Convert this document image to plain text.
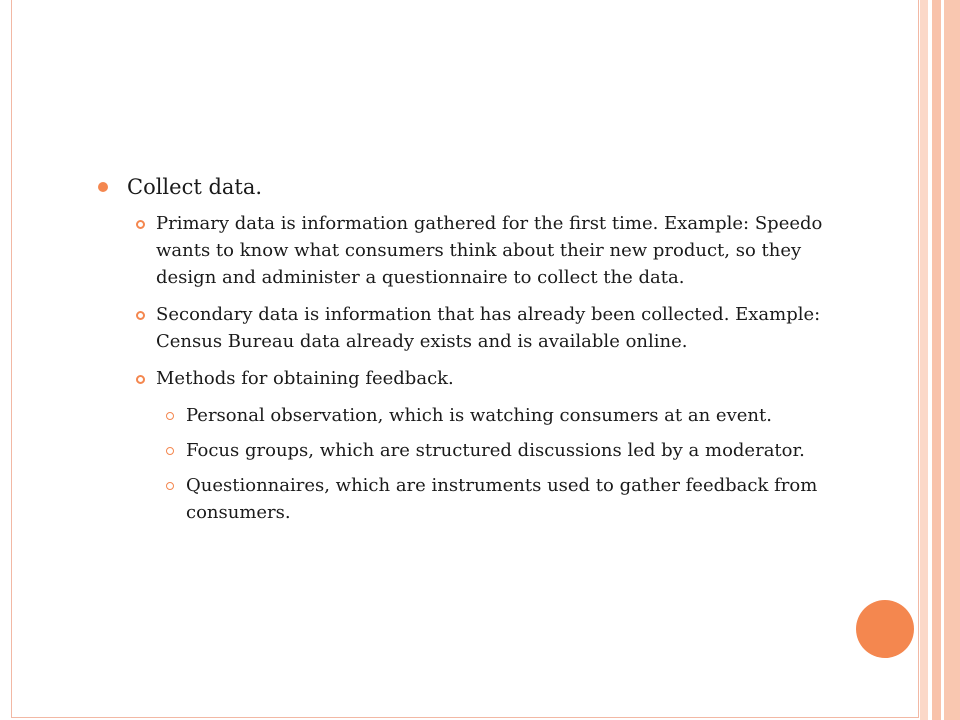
Collect data.
Primary data is information gathered for the first time. Example: Speedo wants to know what consumers think about their new product, so they design and administer a questionnaire to collect the data.
Secondary data is information that has already been collected. Example: Census Bureau data already exists and is available online.
Methods for obtaining feedback.
Personal observation, which is watching consumers at an event.
Focus groups, which are structured discussions led by a moderator.
Questionnaires, which are instruments used to gather feedback from consumers.
